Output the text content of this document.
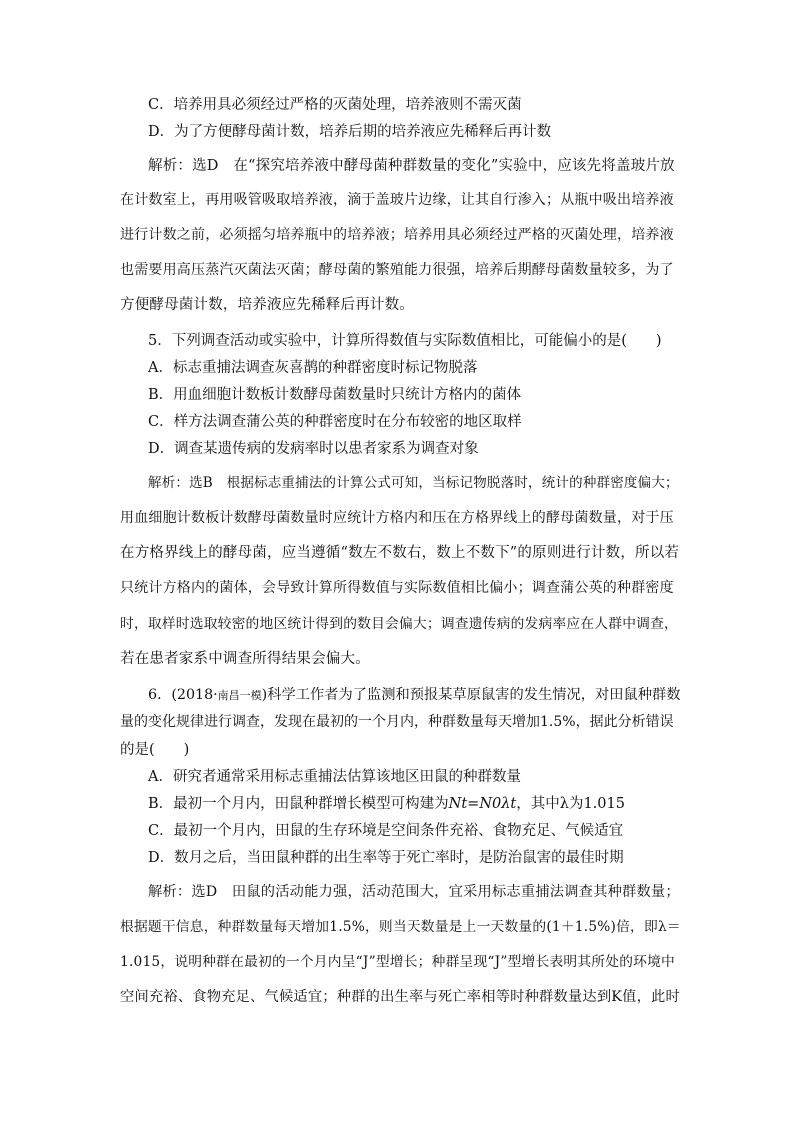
C．培养用具必须经过严格的灭菌处理，培养液则不需灭菌
D．为了方便酵母菌计数，培养后期的培养液应先稀释后再计数
解析：选D　在“探究培养液中酵母菌种群数量的变化”实验中，应该先将盖玻片放
在计数室上，再用吸管吸取培养液，滴于盖玻片边缘，让其自行渗入；从瓶中吸出培养液
进行计数之前，必须摇匀培养瓶中的培养液；培养用具必须经过严格的灭菌处理，培养液
也需要用高压蒸汽灭菌法灭菌；酵母菌的繁殖能力很强，培养后期酵母菌数量较多，为了
方便酵母菌计数，培养液应先稀释后再计数。
5．下列调查活动或实验中，计算所得数值与实际数值相比，可能偏小的是(　　)
A．标志重捕法调查灰喜鹊的种群密度时标记物脱落
B．用血细胞计数板计数酵母菌数量时只统计方格内的菌体
C．样方法调查蒲公英的种群密度时在分布较密的地区取样
D．调查某遗传病的发病率时以患者家系为调查对象
解析：选B　根据标志重捕法的计算公式可知，当标记物脱落时，统计的种群密度偏大；
用血细胞计数板计数酵母菌数量时应统计方格内和压在方格界线上的酵母菌数量，对于压
在方格界线上的酵母菌，应当遵循“数左不数右，数上不数下”的原则进行计数，所以若
只统计方格内的菌体，会导致计算所得数值与实际数值相比偏小；调查蒲公英的种群密度
时，取样时选取较密的地区统计得到的数目会偏大；调查遗传病的发病率应在人群中调查，
若在患者家系中调查所得结果会偏大。
6．(2018·南昌一模)科学工作者为了监测和预报某草原鼠害的发生情况，对田鼠种群数
量的变化规律进行调查，发现在最初的一个月内，种群数量每天增加1.5%，据此分析错误
的是(　　)
A．研究者通常采用标志重捕法估算该地区田鼠的种群数量
B．最初一个月内，田鼠种群增长模型可构建为Nt=N0λt，其中λ为1.015
C．最初一个月内，田鼠的生存环境是空间条件充裕、食物充足、气候适宜
D．数月之后，当田鼠种群的出生率等于死亡率时，是防治鼠害的最佳时期
解析：选D　田鼠的活动能力强，活动范围大，宜采用标志重捕法调查其种群数量；
根据题干信息，种群数量每天增加1.5%，则当天数量是上一天数量的(1＋1.5%)倍，即λ＝
1.015，说明种群在最初的一个月内呈“J”型增长；种群呈现“J”型增长表明其所处的环境中
空间充裕、食物充足、气候适宜；种群的出生率与死亡率相等时种群数量达到K值，此时
